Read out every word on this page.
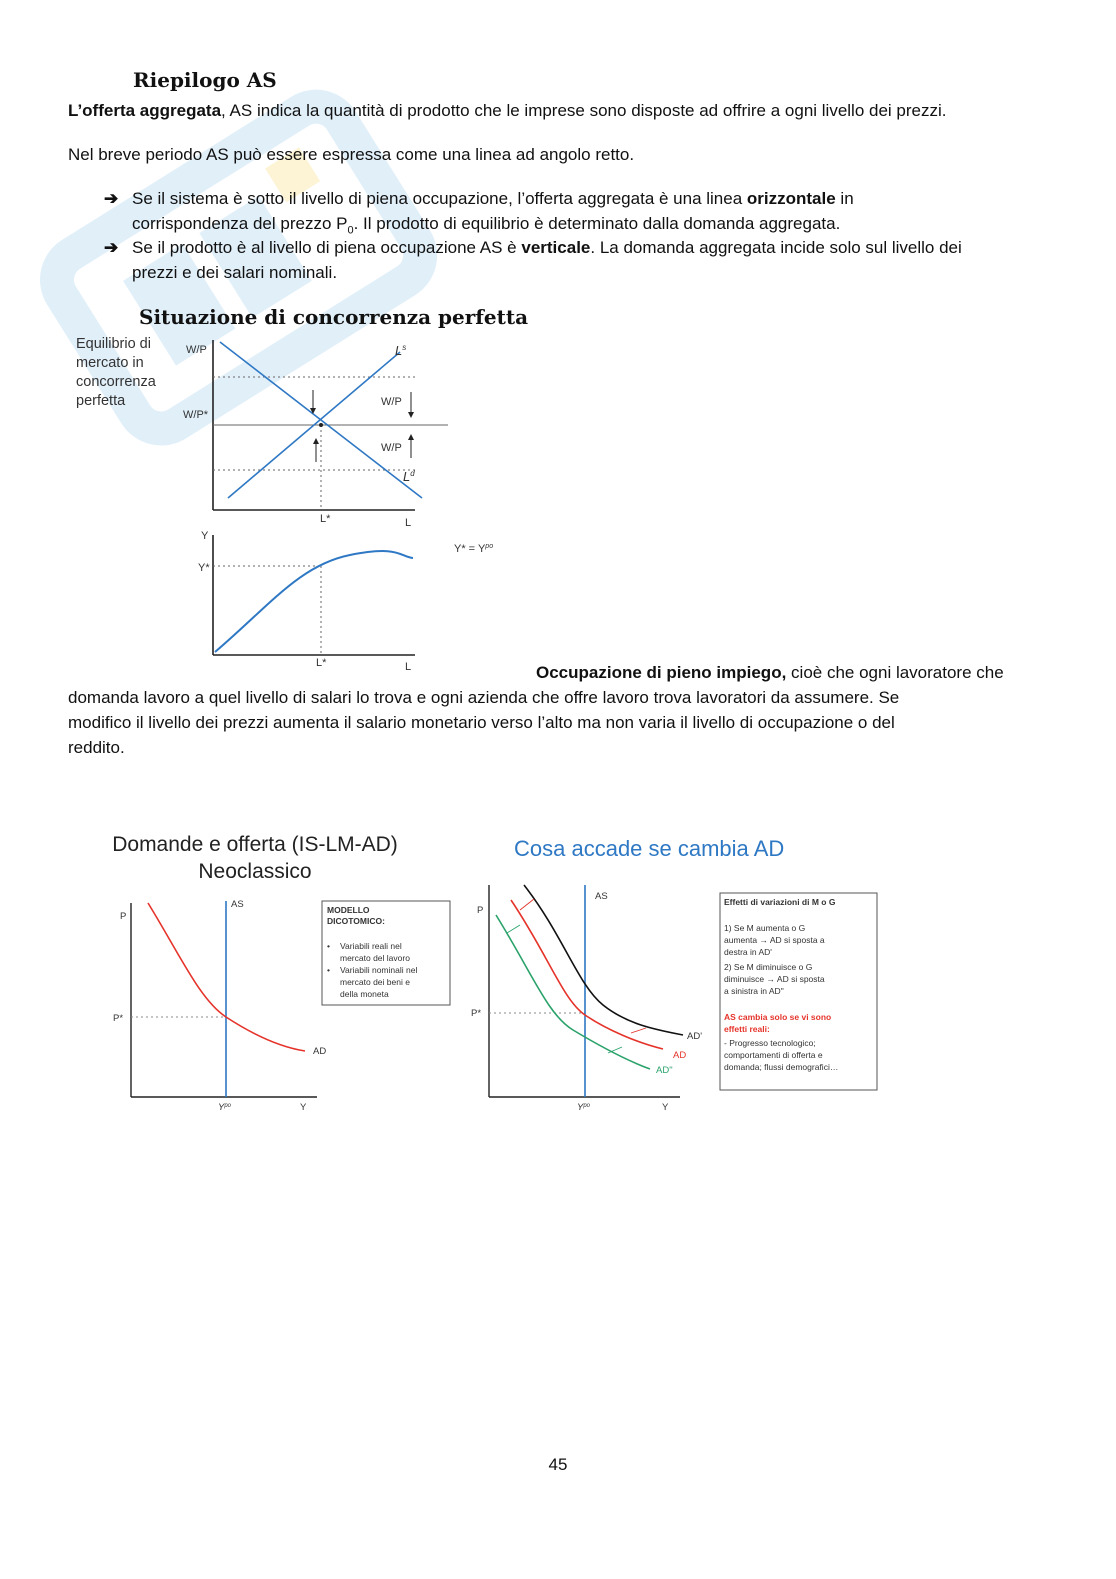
Riepilogo AS
L’offerta aggregata, AS indica la quantità di prodotto che le imprese sono disposte ad offrire a ogni livello dei prezzi.
Nel breve periodo AS può essere espressa come una linea ad angolo retto.
➔ Se il sistema è sotto il livello di piena occupazione, l’offerta aggregata è una linea orizzontale in
corrispondenza del prezzo $P_0$. Il prodotto di equilibrio è determinato dalla domanda aggregata.
➔ Se il prodotto è al livello di piena occupazione AS è verticale. La domanda aggregata incide solo sul livello dei
prezzi e dei salari nominali.
Situazione di concorrenza perfetta
Equilibrio di
mercato in
concorrenza
perfetta
W/P
W/P*
W/P
W/P
L*	L
$L^s$
$L^d$
Y
Y*
L*	L
$Y* = Y^{po}$
Occupazione di pieno impiego, cioè che ogni lavoratore che
domanda lavoro a quel livello di salari lo trova e ogni azienda che offre lavoro trova lavoratori da assumere. Se
modifico il livello dei prezzi aumenta il salario monetario verso l’alto ma non varia il livello di occupazione o del
reddito.
Domande e offerta (IS-LM-AD)
Neoclassico
P
P*
AS
AD
$Y^{po}$	Y
MODELLO
DICOTOMICO:
• Variabili reali nel
mercato del lavoro
• Variabili nominali nel
mercato dei beni e
della moneta
Cosa accade se cambia AD
P
P*
AS
AD'
AD
AD"
$Y^{po}$	Y
Effetti di variazioni di M o G
1) Se M aumenta o G
aumenta → AD si sposta a
destra in AD'
2) Se M diminuisce o G
diminuisce → AD si sposta
a sinistra in AD"
AS cambia solo se vi sono
effetti reali:
- Progresso tecnologico;
comportamenti di offerta e
domanda; flussi demografici…
45
